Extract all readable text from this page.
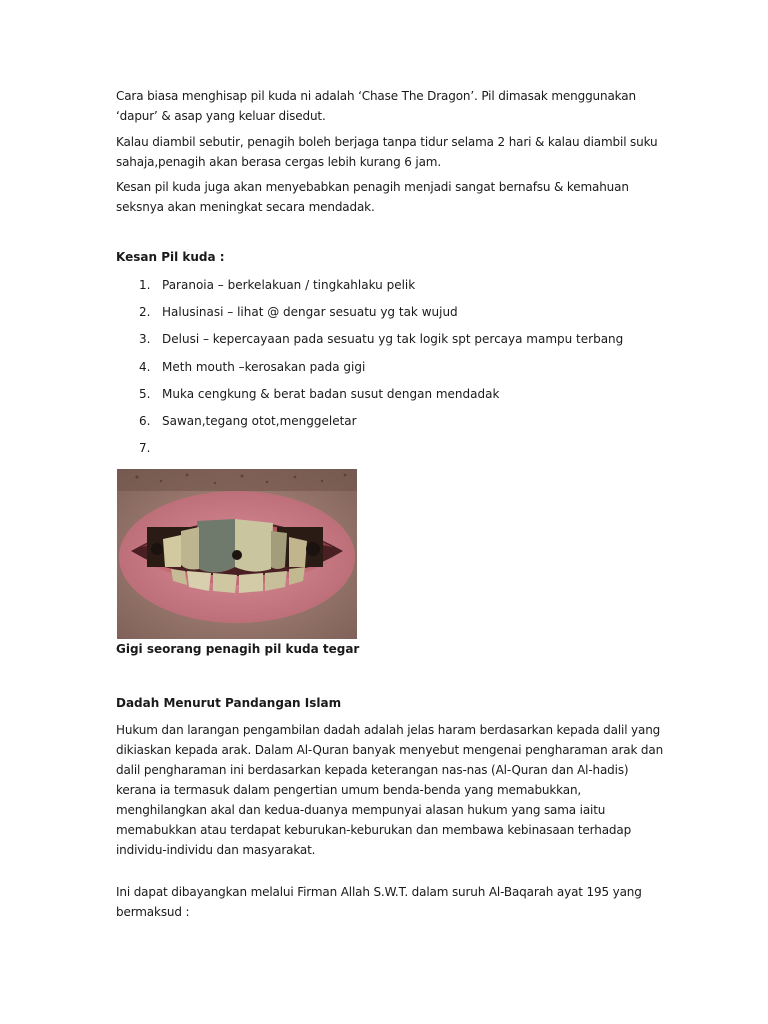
Cara biasa menghisap pil kuda ni adalah ‘Chase The Dragon’. Pil dimasak menggunakan
‘dapur’ & asap yang keluar disedut.

Kalau diambil sebutir, penagih boleh berjaga tanpa tidur selama 2 hari & kalau diambil suku
sahaja,penagih akan berasa cergas lebih kurang 6 jam.

Kesan pil kuda juga akan menyebabkan penagih menjadi sangat bernafsu & kemahuan
seksnya akan meningkat secara mendadak.

Kesan Pil kuda :

1. Paranoia – berkelakuan / tingkahlaku pelik
2. Halusinasi – lihat @ dengar sesuatu yg tak wujud
3. Delusi – kepercayaan pada sesuatu yg tak logik spt percaya mampu terbang
4. Meth mouth –kerosakan pada gigi
5. Muka cengkung & berat badan susut dengan mendadak
6. Sawan,tegang otot,menggeletar
7.

Gigi seorang penagih pil kuda tegar

Dadah Menurut Pandangan Islam

Hukum dan larangan pengambilan dadah adalah jelas haram berdasarkan kepada dalil yang
dikiaskan kepada arak. Dalam Al-Quran banyak menyebut mengenai pengharaman arak dan
dalil pengharaman ini berdasarkan kepada keterangan nas-nas (Al-Quran dan Al-hadis)
kerana ia termasuk dalam pengertian umum benda-benda yang memabukkan,
menghilangkan akal dan kedua-duanya mempunyai alasan hukum yang sama iaitu
memabukkan atau terdapat keburukan-keburukan dan membawa kebinasaan terhadap
individu-individu dan masyarakat.

Ini dapat dibayangkan melalui Firman Allah S.W.T. dalam suruh Al-Baqarah ayat 195 yang
bermaksud :
